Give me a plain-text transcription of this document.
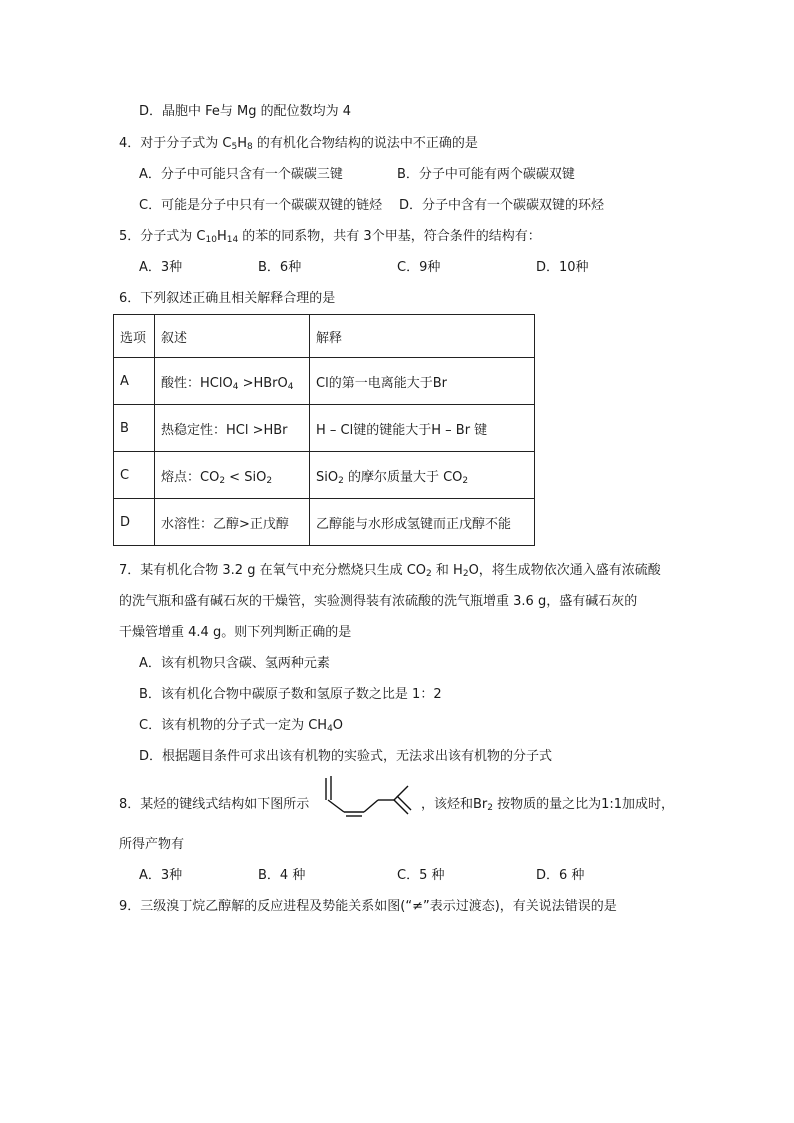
D．晶胞中 Fe与 Mg 的配位数均为 4
4．对于分子式为 $C_5H_8$ 的有机化合物结构的说法中不正确的是
A．分子中可能只含有一个碳碳三键	B．分子中可能有两个碳碳双键
C．可能是分子中只有一个碳碳双键的链烃 D．分子中含有一个碳碳双键的环烃
5．分子式为 $C_{10}H_{14}$ 的苯的同系物，共有 3个甲基，符合条件的结构有：
A．3种	B．6种	C．9种	D．10种
6．下列叙述正确且相关解释合理的是
选项	叙述	解释
A	酸性：HClO$_4$ >HBrO$_4$	Cl的第一电离能大于Br
B	热稳定性：HCl >HBr	H – Cl键的键能大于H – Br 键
C	熔点：$CO_2 < SiO_2$	SiO$_2$ 的摩尔质量大于 $CO_2$
D	水溶性：乙醇>正戊醇	乙醇能与水形成氢键而正戊醇不能
7．某有机化合物 3.2 g 在氧气中充分燃烧只生成 $CO_2$ 和 $H_2O$，将生成物依次通入盛有浓硫酸
的洗气瓶和盛有碱石灰的干燥管，实验测得装有浓硫酸的洗气瓶增重 3.6 g，盛有碱石灰的
干燥管增重 4.4 g。则下列判断正确的是
A．该有机物只含碳、氢两种元素
B．该有机化合物中碳原子数和氢原子数之比是 1：2
C．该有机物的分子式一定为 $CH_4O$
D．根据题目条件可求出该有机物的实验式，无法求出该有机物的分子式
8．某烃的键线式结构如下图所示	，该烃和$Br_2$ 按物质的量之比为1:1加成时，
所得产物有
A．3种	B．4 种	C．5 种	D．6 种
9．三级溴丁烷乙醇解的反应进程及势能关系如图(“≠”表示过渡态)，有关说法错误的是
